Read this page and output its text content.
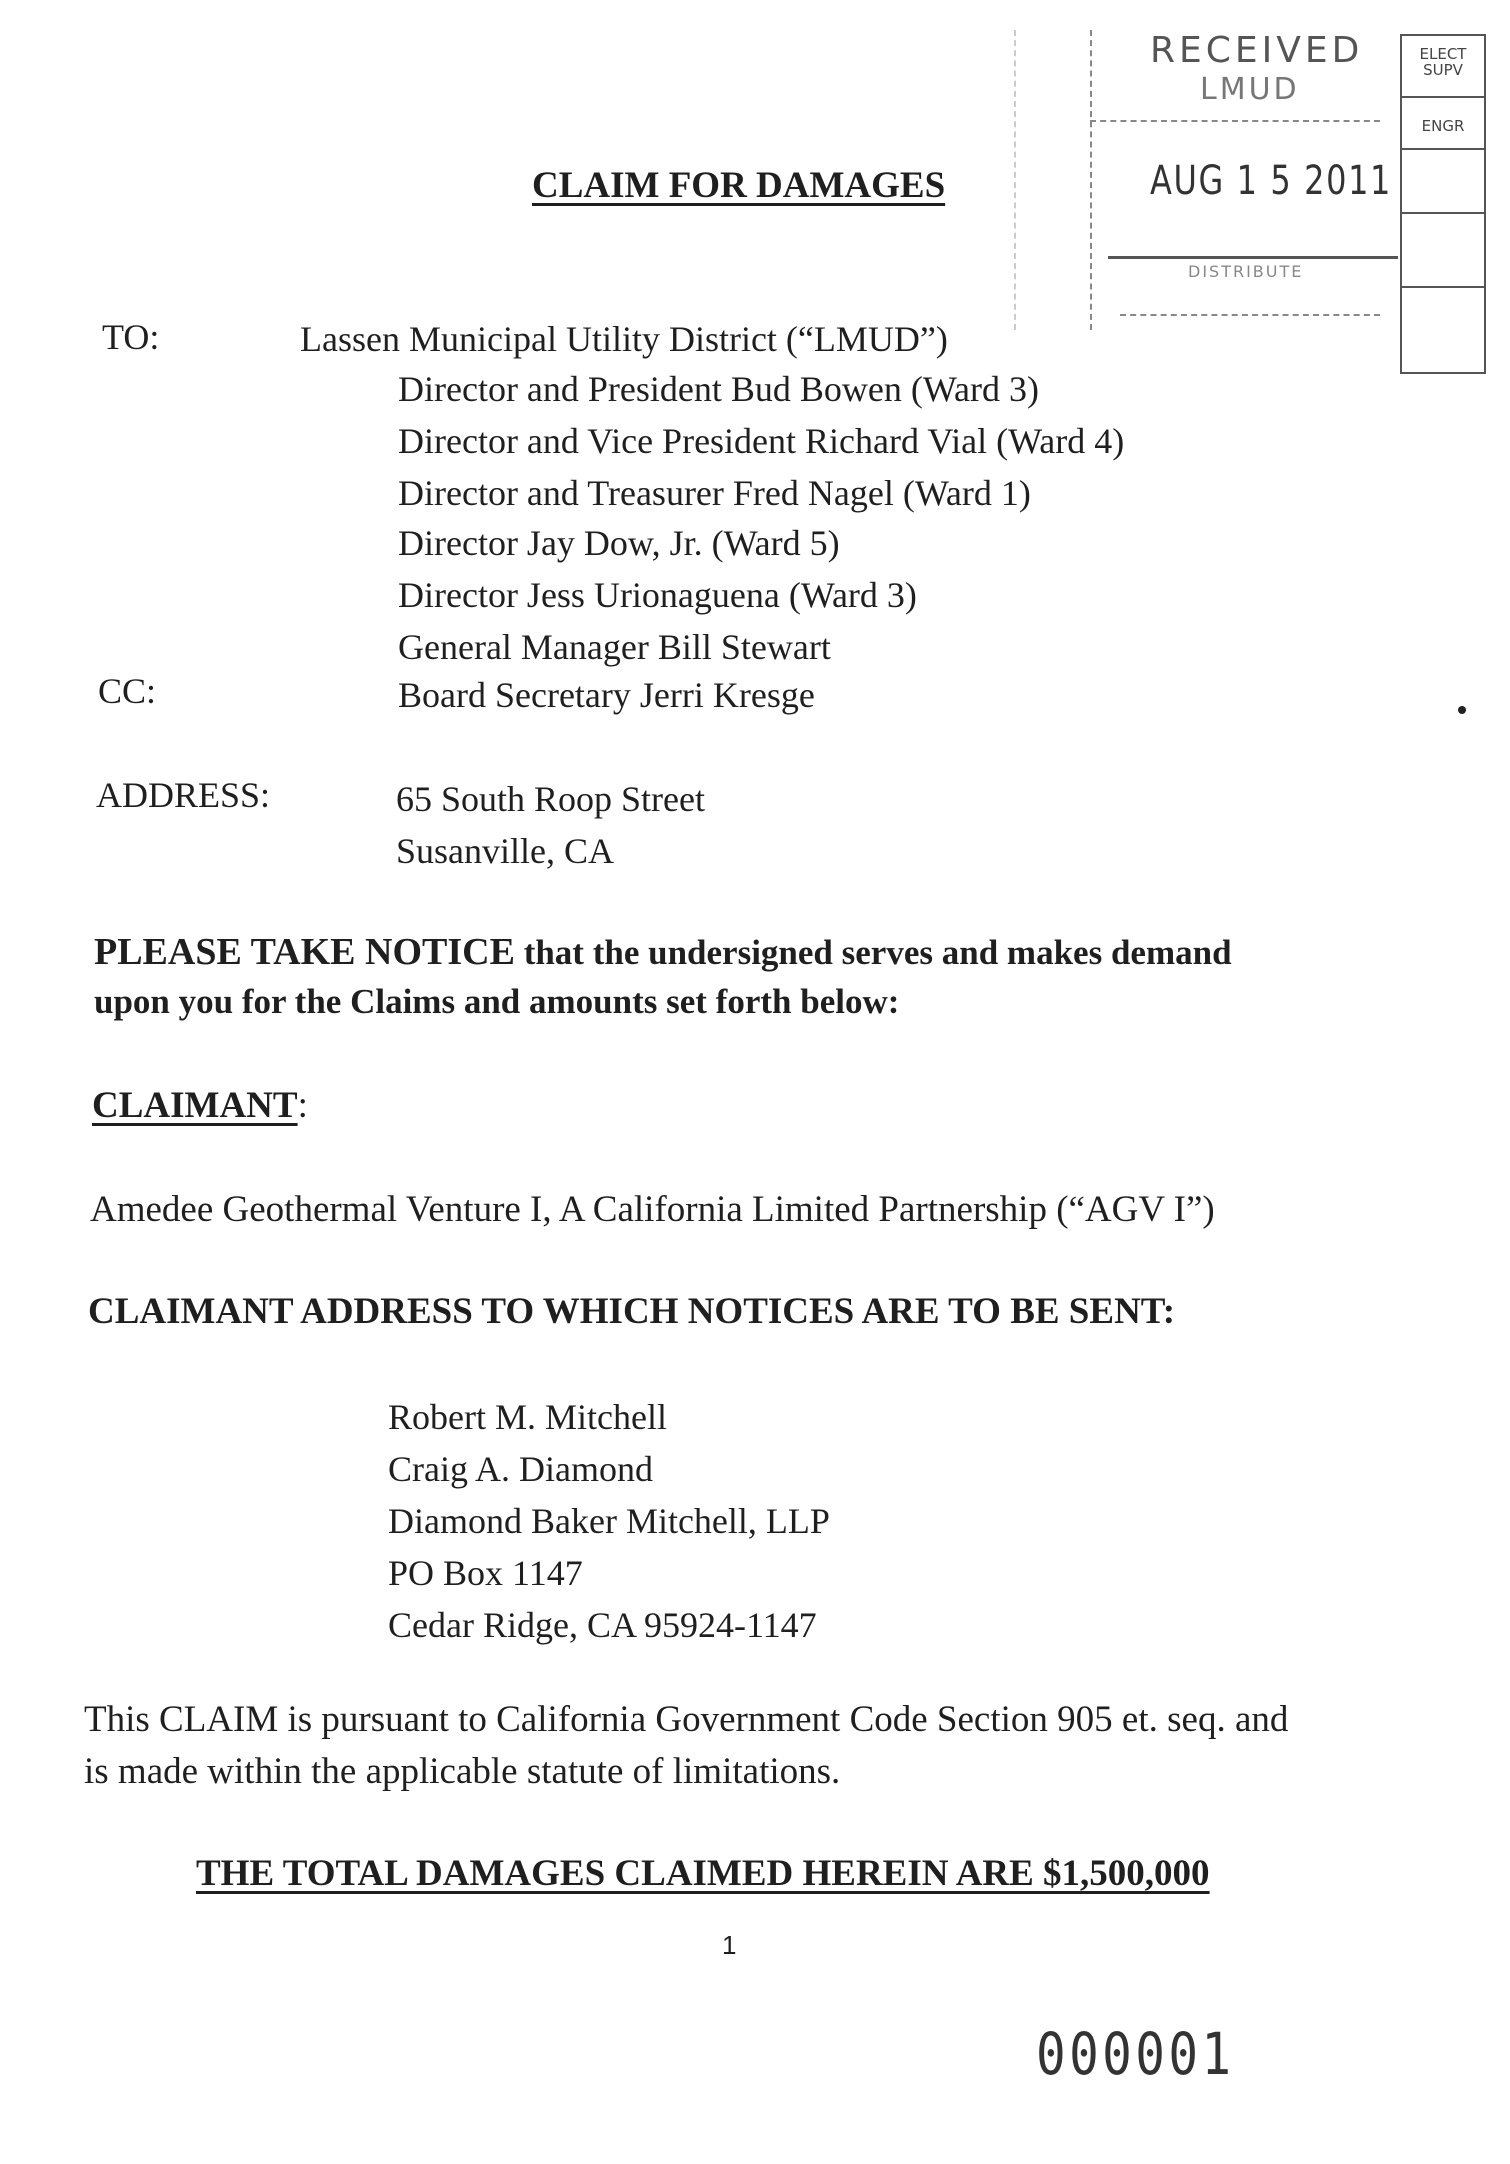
RECEIVED
LMUD
AUG 1 5 2011
DISTRIBUTE
ELECT SUPV
ENGR
CLAIM FOR DAMAGES
TO:	Lassen Municipal Utility District (“LMUD”)
Director and President Bud Bowen (Ward 3)
Director and Vice President Richard Vial (Ward 4)
Director and Treasurer Fred Nagel (Ward 1)
Director Jay Dow, Jr. (Ward 5)
Director Jess Urionaguena (Ward 3)
General Manager Bill Stewart
CC:	Board Secretary Jerri Kresge
ADDRESS:	65 South Roop Street
Susanville, CA
PLEASE TAKE NOTICE that the undersigned serves and makes demand
upon you for the Claims and amounts set forth below:
CLAIMANT:
Amedee Geothermal Venture I, A California Limited Partnership (“AGV I”)
CLAIMANT ADDRESS TO WHICH NOTICES ARE TO BE SENT:
Robert M. Mitchell
Craig A. Diamond
Diamond Baker Mitchell, LLP
PO Box 1147
Cedar Ridge, CA 95924-1147
This CLAIM is pursuant to California Government Code Section 905 et. seq. and
is made within the applicable statute of limitations.
THE TOTAL DAMAGES CLAIMED HEREIN ARE $1,500,000
1
000001
